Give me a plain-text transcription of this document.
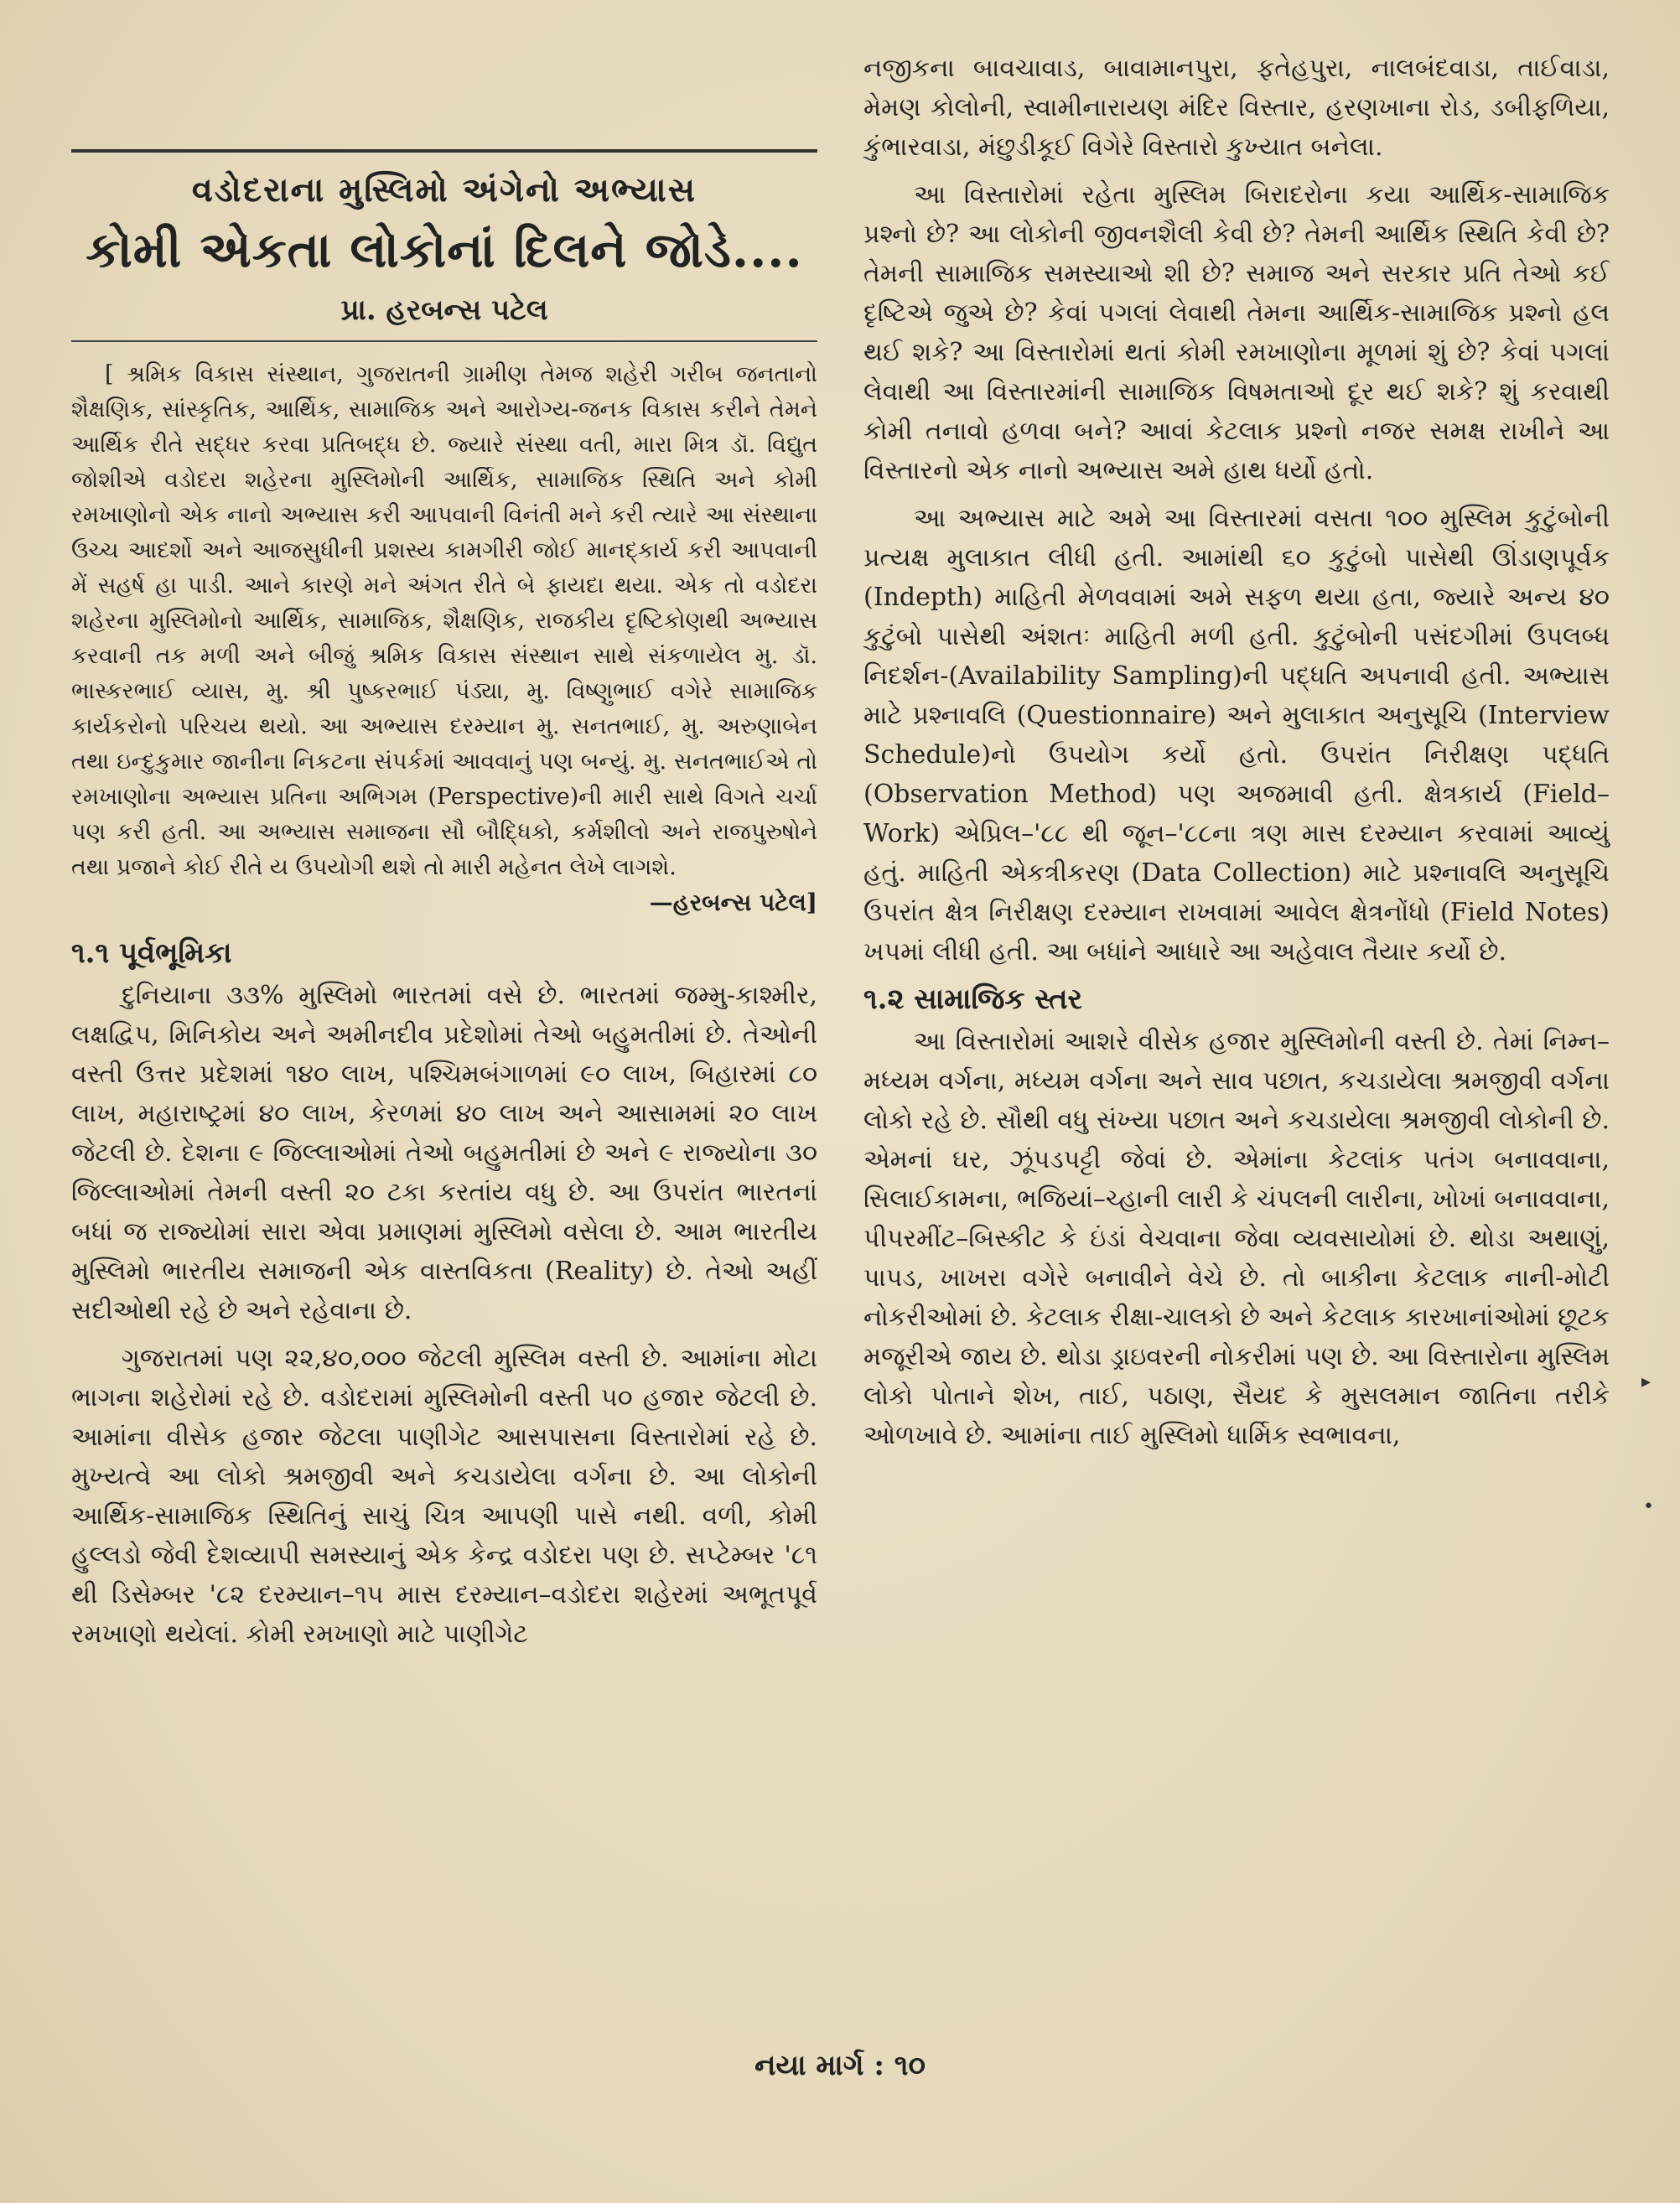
વડોદરાના મુસ્લિમો અંગેનો અભ્યાસ
કોમી એકતા લોકોનાં દિલને જોડે....
પ્રા. હરબન્સ પટેલ

[ શ્રમિક વિકાસ સંસ્થાન, ગુજરાતની ગ્રામીણ તેમજ શહેરી ગરીબ જનતાનો શૈક્ષણિક, સાંસ્કૃતિક, આર્થિક, સામાજિક અને આરોગ્ય-જનક વિકાસ કરીને તેમને આર્થિક રીતે સદ્ધર કરવા પ્રતિબદ્ધ છે. જ્યારે સંસ્થા વતી, મારા મિત્ર ડૉ. વિદ્યુત જોશીએ વડોદરા શહેરના મુસ્લિમોની આર્થિક, સામાજિક સ્થિતિ અને કોમી રમખાણોનો એક નાનો અભ્યાસ કરી આપવાની વિનંતી મને કરી ત્યારે આ સંસ્થાના ઉચ્ચ આદર્શો અને આજસુધીની પ્રશસ્ય કામગીરી જોઈ માનદ્કાર્ય કરી આપવાની મેં સહર્ષ હા પાડી. આને કારણે મને અંગત રીતે બે ફાયદા થયા. એક તો વડોદરા શહેરના મુસ્લિમોનો આર્થિક, સામાજિક, શૈક્ષણિક, રાજકીય દૃષ્ટિકોણથી અભ્યાસ કરવાની તક મળી અને બીજું શ્રમિક વિકાસ સંસ્થાન સાથે સંકળાયેલ મુ. ડૉ. ભાસ્કરભાઈ વ્યાસ, મુ. શ્રી પુષ્કરભાઈ પંડ્યા, મુ. વિષ્ણુભાઈ વગેરે સામાજિક કાર્યકરોનો પરિચય થયો. આ અભ્યાસ દરમ્યાન મુ. સનતભાઈ, મુ. અરુણાબેન તથા ઇન્દુકુમાર જાનીના નિકટના સંપર્કમાં આવવાનું પણ બન્યું. મુ. સનતભાઈએ તો રમખાણોના અભ્યાસ પ્રતિના અભિગમ (Perspective)ની મારી સાથે વિગતે ચર્ચા પણ કરી હતી. આ અભ્યાસ સમાજના સૌ બૌદ્ધિકો, કર્મશીલો અને રાજપુરુષોને તથા પ્રજાને કોઈ રીતે ય ઉપયોગી થશે તો મારી મહેનત લેખે લાગશે.

—હરબન્સ પટેલ]
૧.૧ પૂર્વભૂમિકા

દુનિયાના ૩૩% મુસ્લિમો ભારતમાં વસે છે. ભારતમાં જમ્મુ-કાશ્મીર, લક્ષદ્વિપ, મિનિકોય અને અમીનદીવ પ્રદેશોમાં તેઓ બહુમતીમાં છે. તેઓની વસ્તી ઉત્તર પ્રદેશમાં ૧૪૦ લાખ, પશ્ચિમબંગાળમાં ૯૦ લાખ, બિહારમાં ૮૦ લાખ, મહારાષ્ટ્રમાં ૪૦ લાખ, કેરળમાં ૪૦ લાખ અને આસામમાં ૨૦ લાખ જેટલી છે. દેશના ૯ જિલ્લાઓમાં તેઓ બહુમતીમાં છે અને ૯ રાજ્યોના ૩૦ જિલ્લાઓમાં તેમની વસ્તી ૨૦ ટકા કરતાંય વધુ છે. આ ઉપરાંત ભારતનાં બધાં જ રાજ્યોમાં સારા એવા પ્રમાણમાં મુસ્લિમો વસેલા છે. આમ ભારતીય મુસ્લિમો ભારતીય સમાજની એક વાસ્તવિકતા (Reality) છે. તેઓ અહીં સદીઓથી રહે છે અને રહેવાના છે.

ગુજરાતમાં પણ ૨૨,૪૦,૦૦૦ જેટલી મુસ્લિમ વસ્તી છે. આમાંના મોટા ભાગના શહેરોમાં રહે છે. વડોદરામાં મુસ્લિમોની વસ્તી ૫૦ હજાર જેટલી છે. આમાંના વીસેક હજાર જેટલા પાણીગેટ આસપાસના વિસ્તારોમાં રહે છે. મુખ્યત્વે આ લોકો શ્રમજીવી અને કચડાયેલા વર્ગના છે. આ લોકોની આર્થિક-સામાજિક સ્થિતિનું સાચું ચિત્ર આપણી પાસે નથી. વળી, કોમી હુલ્લડો જેવી દેશવ્યાપી સમસ્યાનું એક કેન્દ્ર વડોદરા પણ છે. સપ્ટેમ્બર '૮૧ થી ડિસેમ્બર '૮૨ દરમ્યાન–૧૫ માસ દરમ્યાન–વડોદરા શહેરમાં અભૂતપૂર્વ રમખાણો થયેલાં. કોમી રમખાણો માટે પાણીગેટ

નજીકના બાવચાવાડ, બાવામાનપુરા, ફતેહપુરા, નાલબંદવાડા, તાઈવાડા, મેમણ કોલોની, સ્વામીનારાયણ મંદિર વિસ્તાર, હરણખાના રોડ, ડબીફળિયા, કુંભારવાડા, મંછુડીકૂઈ વિગેરે વિસ્તારો કુખ્યાત બનેલા.

આ વિસ્તારોમાં રહેતા મુસ્લિમ બિરાદરોના કયા આર્થિક-સામાજિક પ્રશ્નો છે? આ લોકોની જીવનશૈલી કેવી છે? તેમની આર્થિક સ્થિતિ કેવી છે? તેમની સામાજિક સમસ્યાઓ શી છે? સમાજ અને સરકાર પ્રતિ તેઓ કઈ દૃષ્ટિએ જુએ છે? કેવાં પગલાં લેવાથી તેમના આર્થિક-સામાજિક પ્રશ્નો હલ થઈ શકે? આ વિસ્તારોમાં થતાં કોમી રમખાણોના મૂળમાં શું છે? કેવાં પગલાં લેવાથી આ વિસ્તારમાંની સામાજિક વિષમતાઓ દૂર થઈ શકે? શું કરવાથી કોમી તનાવો હળવા બને? આવાં કેટલાક પ્રશ્નો નજર સમક્ષ રાખીને આ વિસ્તારનો એક નાનો અભ્યાસ અમે હાથ ધર્યો હતો.

આ અભ્યાસ માટે અમે આ વિસ્તારમાં વસતા ૧૦૦ મુસ્લિમ કુટુંબોની પ્રત્યક્ષ મુલાકાત લીધી હતી. આમાંથી ૬૦ કુટુંબો પાસેથી ઊંડાણપૂર્વક (Indepth) માહિતી મેળવવામાં અમે સફળ થયા હતા, જ્યારે અન્ય ૪૦ કુટુંબો પાસેથી અંશતઃ માહિતી મળી હતી. કુટુંબોની પસંદગીમાં ઉપલબ્ધ નિદર્શન-(Availability Sampling)ની પદ્ધતિ અપનાવી હતી. અભ્યાસ માટે પ્રશ્નાવલિ (Questionnaire) અને મુલાકાત અનુસૂચિ (Interview Schedule)નો ઉપયોગ કર્યો હતો. ઉપરાંત નિરીક્ષણ પદ્ધતિ (Observation Method) પણ અજમાવી હતી. ક્ષેત્રકાર્ય (Field–Work) એપ્રિલ–'૮૮ થી જૂન–'૮૮ના ત્રણ માસ દરમ્યાન કરવામાં આવ્યું હતું. માહિતી એકત્રીકરણ (Data Collection) માટે પ્રશ્નાવલિ અનુસૂચિ ઉપરાંત ક્ષેત્ર નિરીક્ષણ દરમ્યાન રાખવામાં આવેલ ક્ષેત્રનોંધો (Field Notes) ખપમાં લીધી હતી. આ બધાંને આધારે આ અહેવાલ તૈયાર કર્યો છે.

૧.૨ સામાજિક સ્તર

આ વિસ્તારોમાં આશરે વીસેક હજાર મુસ્લિમોની વસ્તી છે. તેમાં નિમ્ન–મધ્યમ વર્ગના, મધ્યમ વર્ગના અને સાવ પછાત, કચડાયેલા શ્રમજીવી વર્ગના લોકો રહે છે. સૌથી વધુ સંખ્યા પછાત અને કચડાયેલા શ્રમજીવી લોકોની છે. એમનાં ઘર, ઝૂંપડપટ્ટી જેવાં છે. એમાંના કેટલાંક પતંગ બનાવવાના, સિલાઈકામના, ભજિયાં–ચ્હાની લારી કે ચંપલની લારીના, ખોખાં બનાવવાના, પીપરમીંટ–બિસ્કીટ કે ઇંડાં વેચવાના જેવા વ્યવસાયોમાં છે. થોડા અથાણું, પાપડ, ખાખરા વગેરે બનાવીને વેચે છે. તો બાકીના કેટલાક નાની-મોટી નોકરીઓમાં છે. કેટલાક રીક્ષા-ચાલકો છે અને કેટલાક કારખાનાંઓમાં છૂટક મજૂરીએ જાય છે. થોડા ડ્રાઇવરની નોકરીમાં પણ છે. આ વિસ્તારોના મુસ્લિમ લોકો પોતાને શેખ, તાઈ, પઠાણ, સૈયદ કે મુસલમાન જાતિના તરીકે ઓળખાવે છે. આમાંના તાઈ મુસ્લિમો ધાર્મિક સ્વભાવના,

▸
•
નયા માર્ગ : ૧૦
